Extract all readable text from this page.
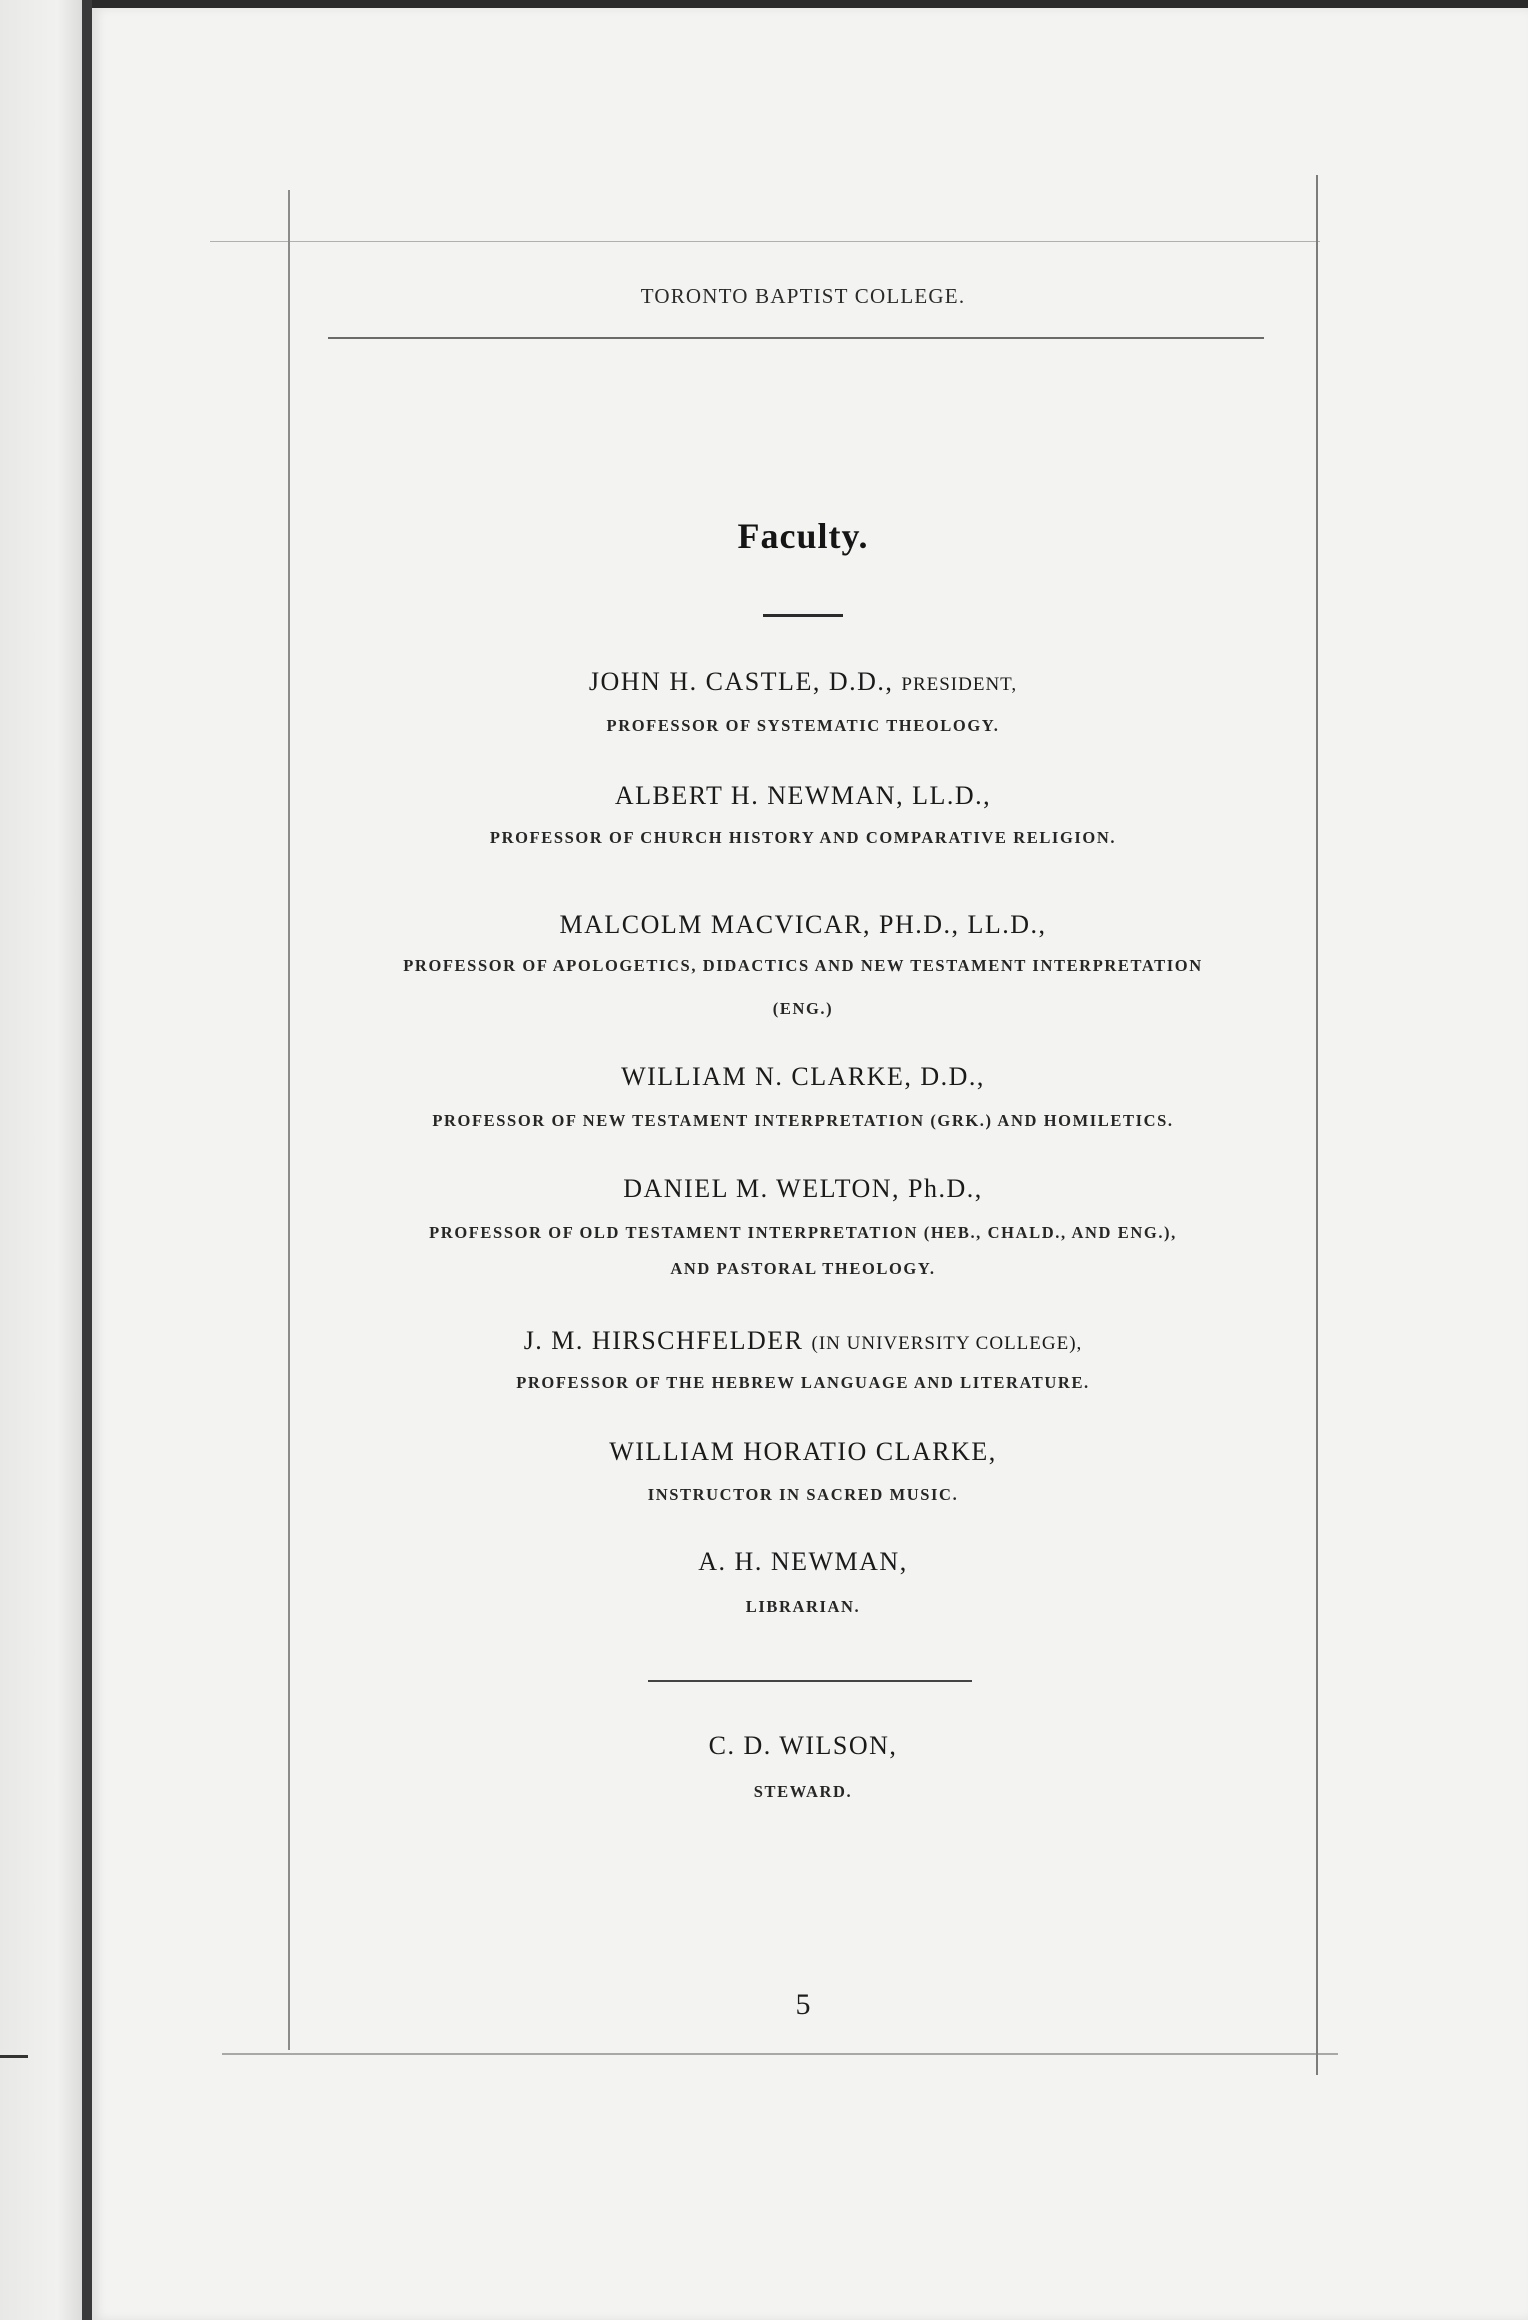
TORONTO BAPTIST COLLEGE.
Faculty.
JOHN H. CASTLE, D.D., PRESIDENT,
PROFESSOR OF SYSTEMATIC THEOLOGY.
ALBERT H. NEWMAN, LL.D.,
PROFESSOR OF CHURCH HISTORY AND COMPARATIVE RELIGION.
MALCOLM MACVICAR, PH.D., LL.D.,
PROFESSOR OF APOLOGETICS, DIDACTICS AND NEW TESTAMENT INTERPRETATION
(ENG.)
WILLIAM N. CLARKE, D.D.,
PROFESSOR OF NEW TESTAMENT INTERPRETATION (GRK.) AND HOMILETICS.
DANIEL M. WELTON, Ph.D.,
PROFESSOR OF OLD TESTAMENT INTERPRETATION (HEB., CHALD., AND ENG.),
AND PASTORAL THEOLOGY.
J. M. HIRSCHFELDER (IN UNIVERSITY COLLEGE),
PROFESSOR OF THE HEBREW LANGUAGE AND LITERATURE.
WILLIAM HORATIO CLARKE,
INSTRUCTOR IN SACRED MUSIC.
A. H. NEWMAN,
LIBRARIAN.
C. D. WILSON,
STEWARD.
5
